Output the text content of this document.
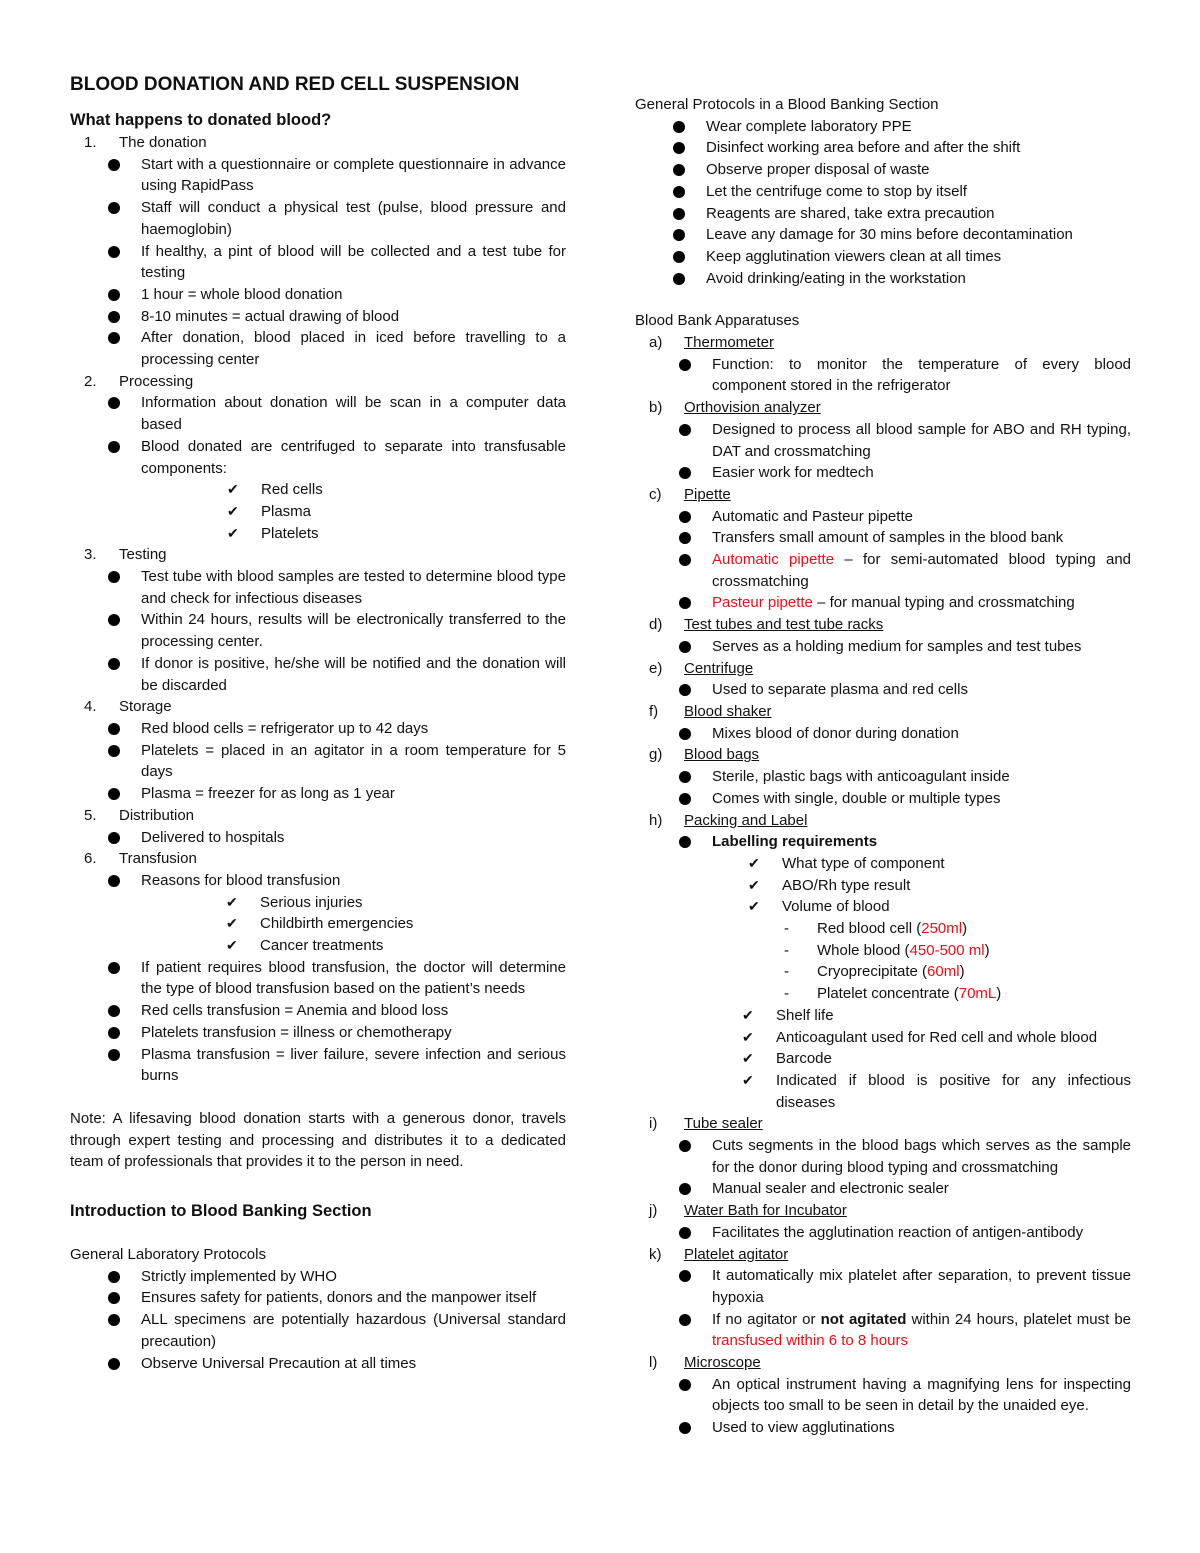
BLOOD DONATION AND RED CELL SUSPENSION

What happens to donated blood?

1. The donation
Start with a questionnaire or complete questionnaire in advance using RapidPass
Staff will conduct a physical test (pulse, blood pressure and haemoglobin)
If healthy, a pint of blood will be collected and a test tube for testing
1 hour = whole blood donation
8-10 minutes = actual drawing of blood
After donation, blood placed in iced before travelling to a processing center
2. Processing
Information about donation will be scan in a computer data based
Blood donated are centrifuged to separate into transfusable components:
✔ Red cells
✔ Plasma
✔ Platelets
3. Testing
Test tube with blood samples are tested to determine blood type and check for infectious diseases
Within 24 hours, results will be electronically transferred to the processing center.
If donor is positive, he/she will be notified and the donation will be discarded
4. Storage
Red blood cells = refrigerator up to 42 days
Platelets = placed in an agitator in a room temperature for 5 days
Plasma = freezer for as long as 1 year
5. Distribution
Delivered to hospitals
6. Transfusion
Reasons for blood transfusion
✔ Serious injuries
✔ Childbirth emergencies
✔ Cancer treatments
If patient requires blood transfusion, the doctor will determine the type of blood transfusion based on the patient’s needs
Red cells transfusion = Anemia and blood loss
Platelets transfusion = illness or chemotherapy
Plasma transfusion = liver failure, severe infection and serious burns

Note: A lifesaving blood donation starts with a generous donor, travels through expert testing and processing and distributes it to a dedicated team of professionals that provides it to the person in need.

Introduction to Blood Banking Section

General Laboratory Protocols

Strictly implemented by WHO
Ensures safety for patients, donors and the manpower itself
ALL specimens are potentially hazardous (Universal standard precaution)
Observe Universal Precaution at all times

General Protocols in a Blood Banking Section

Wear complete laboratory PPE
Disinfect working area before and after the shift
Observe proper disposal of waste
Let the centrifuge come to stop by itself
Reagents are shared, take extra precaution
Leave any damage for 30 mins before decontamination
Keep agglutination viewers clean at all times
Avoid drinking/eating in the workstation

Blood Bank Apparatuses

a) Thermometer
Function: to monitor the temperature of every blood component stored in the refrigerator
b) Orthovision analyzer
Designed to process all blood sample for ABO and RH typing, DAT and crossmatching
Easier work for medtech
c) Pipette
Automatic and Pasteur pipette
Transfers small amount of samples in the blood bank
Automatic pipette – for semi-automated blood typing and crossmatching
Pasteur pipette – for manual typing and crossmatching
d) Test tubes and test tube racks
Serves as a holding medium for samples and test tubes
e) Centrifuge
Used to separate plasma and red cells
f) Blood shaker
Mixes blood of donor during donation
g) Blood bags
Sterile, plastic bags with anticoagulant inside
Comes with single, double or multiple types
h) Packing and Label
Labelling requirements
✔ What type of component
✔ ABO/Rh type result
✔ Volume of blood
- Red blood cell (250ml)
- Whole blood (450-500 ml)
- Cryoprecipitate (60ml)
- Platelet concentrate (70mL)
✔ Shelf life
✔ Anticoagulant used for Red cell and whole blood
✔ Barcode
✔ Indicated if blood is positive for any infectious diseases
i) Tube sealer
Cuts segments in the blood bags which serves as the sample for the donor during blood typing and crossmatching
Manual sealer and electronic sealer
j) Water Bath for Incubator
Facilitates the agglutination reaction of antigen-antibody
k) Platelet agitator
It automatically mix platelet after separation, to prevent tissue hypoxia
If no agitator or not agitated within 24 hours, platelet must be transfused within 6 to 8 hours
l) Microscope
An optical instrument having a magnifying lens for inspecting objects too small to be seen in detail by the unaided eye.
Used to view agglutinations
